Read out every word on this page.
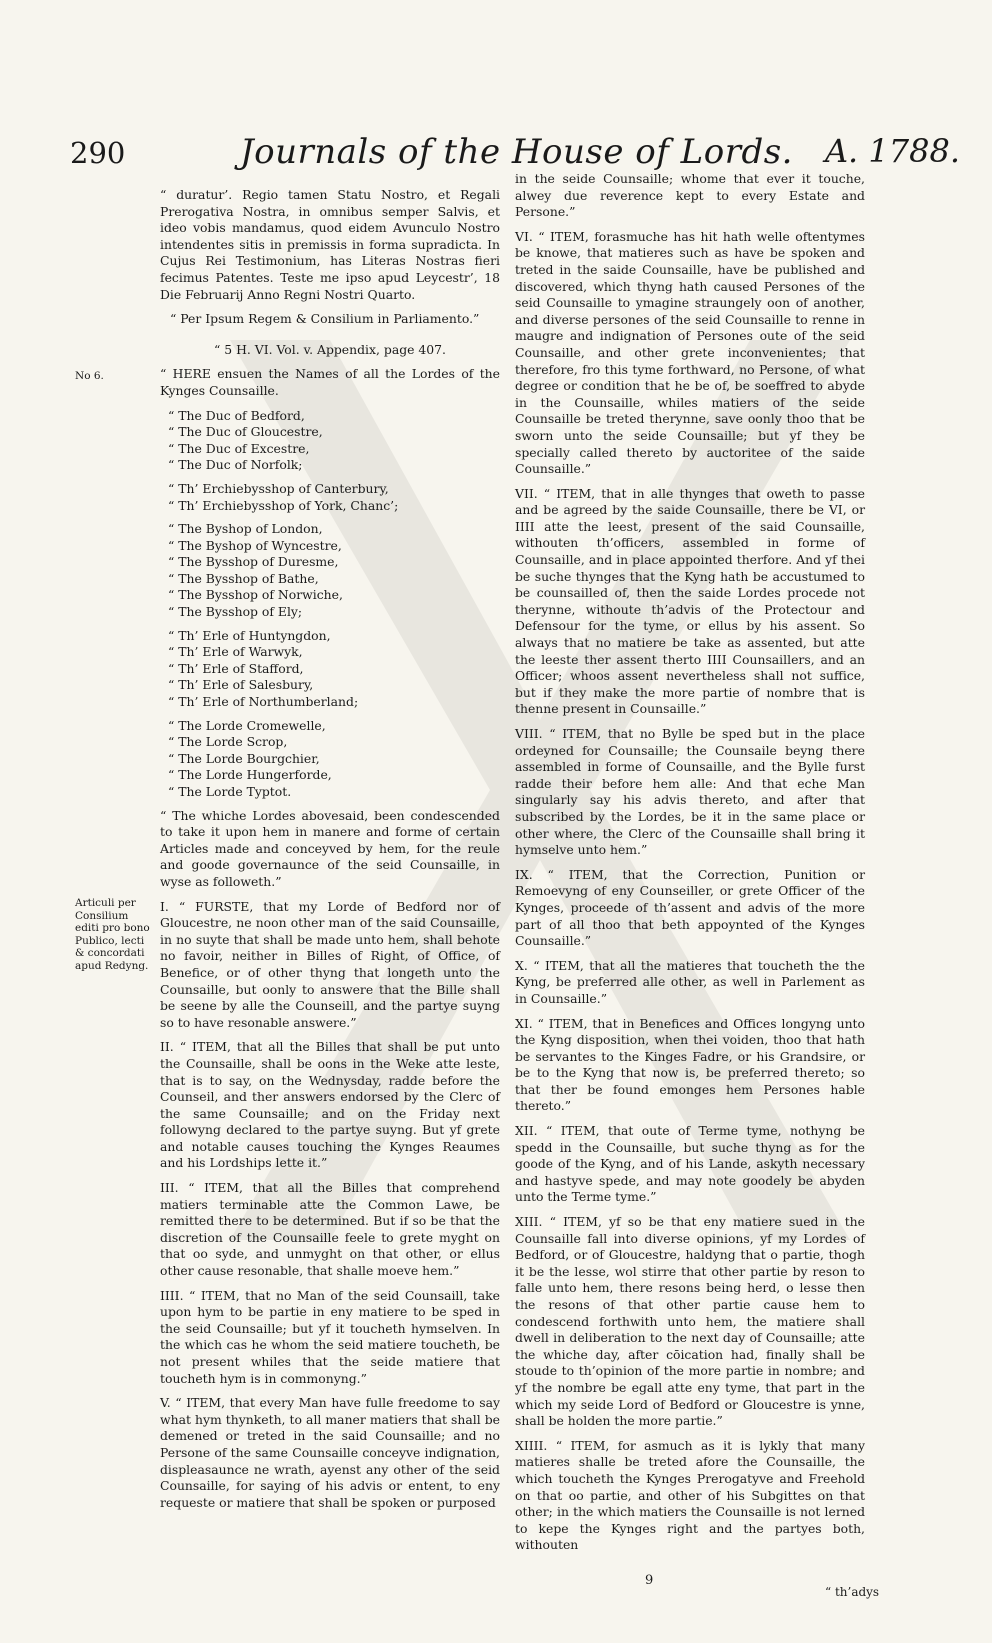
290	Journals of the House of Lords. A. 1788.
No 6.
Articuli per Consilium editi pro bono Publico, lecti & concordati apud Redyng.

“ duratur’. Regio tamen Statu Nostro, et Regali Prerogativa Nostra, in omnibus semper Salvis, et ideo vobis mandamus, quod eidem Avunculo Nostro intendentes sitis in premissis in forma supradicta. In Cujus Rei Testimonium, has Literas Nostras fieri fecimus Patentes. Teste me ipso apud Leycestr’, 18 Die Februarij Anno Regni Nostri Quarto.

“ Per Ipsum Regem & Consilium in Parliamento.”

“ 5 H. VI. Vol. v. Appendix, page 407.

“ HERE ensuen the Names of all the Lordes of the Kynges Counsaille.

“ The Duc of Bedford,
“ The Duc of Gloucestre,
“ The Duc of Excestre,
“ The Duc of Norfolk;
“ Th’ Erchiebysshop of Canterbury,
“ Th’ Erchiebysshop of York, Chanc’;
“ The Byshop of London,
“ The Byshop of Wyncestre,
“ The Bysshop of Duresme,
“ The Bysshop of Bathe,
“ The Bysshop of Norwiche,
“ The Bysshop of Ely;
“ Th’ Erle of Huntyngdon,
“ Th’ Erle of Warwyk,
“ Th’ Erle of Stafford,
“ Th’ Erle of Salesbury,
“ Th’ Erle of Northumberland;
“ The Lorde Cromewelle,
“ The Lorde Scrop,
“ The Lorde Bourgchier,
“ The Lorde Hungerforde,
“ The Lorde Typtot.

“ The whiche Lordes abovesaid, been condescended to take it upon hem in manere and forme of certain Articles made and conceyved by hem, for the reule and goode governaunce of the seid Counsaille, in wyse as followeth.”

I. “ FURSTE, that my Lorde of Bedford nor of Gloucestre, ne noon other man of the said Counsaille, in no suyte that shall be made unto hem, shall behote no favoir, neither in Billes of Right, of Office, of Benefice, or of other thyng that longeth unto the Counsaille, but oonly to answere that the Bille shall be seene by alle the Counseill, and the partye suyng so to have resonable answere.”

II. “ ITEM, that all the Billes that shall be put unto the Counsaille, shall be oons in the Weke atte leste, that is to say, on the Wednysday, radde before the Counseil, and ther answers endorsed by the Clerc of the same Counsaille; and on the Friday next followyng declared to the partye suyng. But yf grete and notable causes touching the Kynges Reaumes and his Lordships lette it.”

III. “ ITEM, that all the Billes that comprehend matiers terminable atte the Common Lawe, be remitted there to be determined. But if so be that the discretion of the Counsaille feele to grete myght on that oo syde, and unmyght on that other, or ellus other cause resonable, that shalle moeve hem.”

IIII. “ ITEM, that no Man of the seid Counsaill, take upon hym to be partie in eny matiere to be sped in the seid Counsaille; but yf it toucheth hymselven. In the which cas he whom the seid matiere toucheth, be not present whiles that the seide matiere that toucheth hym is in commonyng.”

V. “ ITEM, that every Man have fulle freedome to say what hym thynketh, to all maner matiers that shall be demened or treted in the said Counsaille; and no Persone of the same Counsaille conceyve indignation, displeasaunce ne wrath, ayenst any other of the seid Counsaille, for saying of his advis or entent, to eny requeste or matiere that shall be spoken or purposed

in the seide Counsaille; whome that ever it touche, alwey due reverence kept to every Estate and Persone.”

VI. “ ITEM, forasmuche has hit hath welle oftentymes be knowe, that matieres such as have be spoken and treted in the saide Counsaille, have be published and discovered, which thyng hath caused Persones of the seid Counsaille to ymagine straungely oon of another, and diverse persones of the seid Counsaille to renne in maugre and indignation of Persones oute of the seid Counsaille, and other grete inconvenientes; that therefore, fro this tyme forthward, no Persone, of what degree or condition that he be of, be soeffred to abyde in the Counsaille, whiles matiers of the seide Counsaille be treted therynne, save oonly thoo that be sworn unto the seide Counsaille; but yf they be specially called thereto by auctoritee of the saide Counsaille.”

VII. “ ITEM, that in alle thynges that oweth to passe and be agreed by the saide Counsaille, there be VI, or IIII atte the leest, present of the said Counsaille, withouten th’officers, assembled in forme of Counsaille, and in place appointed therfore. And yf thei be suche thynges that the Kyng hath be accustumed to be counsailled of, then the saide Lordes procede not therynne, withoute th’advis of the Protectour and Defensour for the tyme, or ellus by his assent. So always that no matiere be take as assented, but atte the leeste ther assent therto IIII Counsaillers, and an Officer; whoos assent nevertheless shall not suffice, but if they make the more partie of nombre that is thenne present in Counsaille.”

VIII. “ ITEM, that no Bylle be sped but in the place ordeyned for Counsaille; the Counsaile beyng there assembled in forme of Counsaille, and the Bylle furst radde their before hem alle: And that eche Man singularly say his advis thereto, and after that subscribed by the Lordes, be it in the same place or other where, the Clerc of the Counsaille shall bring it hymselve unto hem.”

IX. “ ITEM, that the Correction, Punition or Remoevyng of eny Counseiller, or grete Officer of the Kynges, proceede of th’assent and advis of the more part of all thoo that beth appoynted of the Kynges Counsaille.”

X. “ ITEM, that all the matieres that toucheth the the Kyng, be preferred alle other, as well in Parlement as in Counsaille.”

XI. “ ITEM, that in Benefices and Offices longyng unto the Kyng disposition, when thei voiden, thoo that hath be servantes to the Kinges Fadre, or his Grandsire, or be to the Kyng that now is, be preferred thereto; so that ther be found emonges hem Persones hable thereto.”

XII. “ ITEM, that oute of Terme tyme, nothyng be spedd in the Counsaille, but suche thyng as for the goode of the Kyng, and of his Lande, askyth necessary and hastyve spede, and may note goodely be abyden unto the Terme tyme.”

XIII. “ ITEM, yf so be that eny matiere sued in the Counsaille fall into diverse opinions, yf my Lordes of Bedford, or of Gloucestre, haldyng that o partie, thogh it be the lesse, wol stirre that other partie by reson to falle unto hem, there resons being herd, o lesse then the resons of that other partie cause hem to condescend forthwith unto hem, the matiere shall dwell in deliberation to the next day of Counsaille; atte the whiche day, after cōication had, finally shall be stoude to th’opinion of the more partie in nombre; and yf the nombre be egall atte eny tyme, that part in the which my seide Lord of Bedford or Gloucestre is ynne, shall be holden the more partie.”

XIIII. “ ITEM, for asmuch as it is lykly that many matieres shalle be treted afore the Counsaille, the which toucheth the Kynges Prerogatyve and Freehold on that oo partie, and other of his Subgittes on that other; in the which matiers the Counsaille is not lerned to kepe the Kynges right and the partyes both, withouten

9
“ th’adys
